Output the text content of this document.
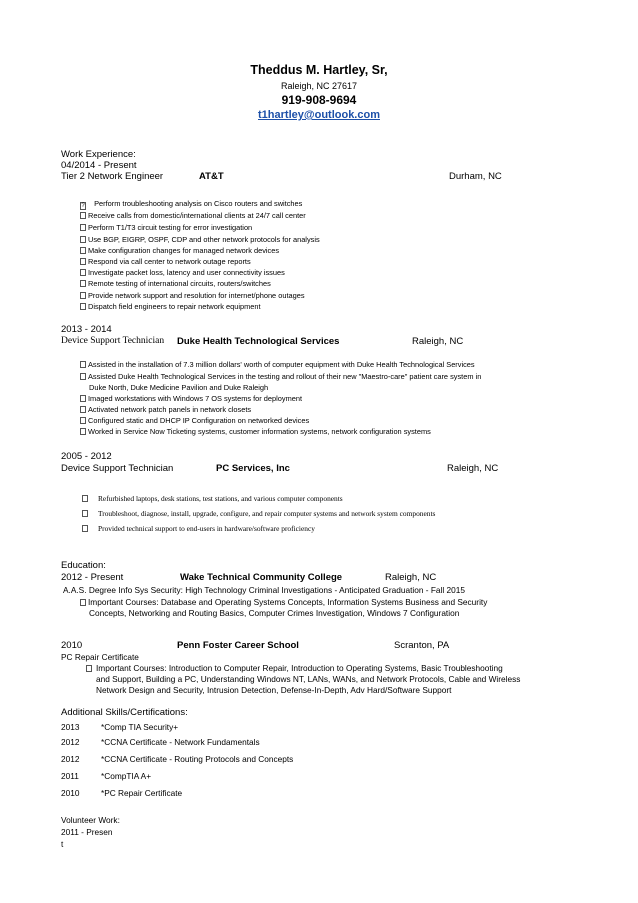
Theddus M. Hartley, Sr,
Raleigh, NC 27617
919-908-9694
t1hartley@outlook.com
Work Experience:
04/2014 - Present
Tier 2 Network Engineer	AT&T	Durham, NC
? Perform troubleshooting analysis on Cisco routers and switches
Receive calls from domestic/international clients at 24/7 call center
Perform T1/T3 circuit testing for error investigation
Use BGP, EIGRP, OSPF, CDP and other network protocols for analysis
Make configuration changes for managed network devices
Respond via call center to network outage reports
Investigate packet loss, latency and user connectivity issues
Remote testing of international circuits, routers/switches
Provide network support and resolution for internet/phone outages
Dispatch field engineers to repair network equipment
2013 - 2014
Device Support Technician Duke Health Technological Services	Raleigh, NC
Assisted in the installation of 7.3 million dollars' worth of computer equipment with Duke Health Technological Services
Assisted Duke Health Technological Services in the testing and rollout of their new "Maestro-care" patient care system in
Duke North, Duke Medicine Pavilion and Duke Raleigh
Imaged workstations with Windows 7 OS systems for deployment
Activated network patch panels in network closets
Configured static and DHCP IP Configuration on networked devices
Worked in Service Now Ticketing systems, customer information systems, network configuration systems
2005 - 2012
Device Support Technician	PC Services, Inc	Raleigh, NC
Refurbished laptops, desk stations, test stations, and various computer components
Troubleshoot, diagnose, install, upgrade, configure, and repair computer systems and network system components
Provided technical support to end-users in hardware/software proficiency
Education:
2012 - Present	Wake Technical Community College	Raleigh, NC
A.A.S. Degree Info Sys Security: High Technology Criminal Investigations - Anticipated Graduation - Fall 2015
Important Courses: Database and Operating Systems Concepts, Information Systems Business and Security
Concepts, Networking and Routing Basics, Computer Crimes Investigation, Windows 7 Configuration
2010	Penn Foster Career School	Scranton, PA
PC Repair Certificate
Important Courses: Introduction to Computer Repair, Introduction to Operating Systems, Basic Troubleshooting
and Support, Building a PC, Understanding Windows NT, LANs, WANs, and Network Protocols, Cable and Wireless
Network Design and Security, Intrusion Detection, Defense-In-Depth, Adv Hard/Software Support
Additional Skills/Certifications:
2013	*Comp TIA Security+
2012	*CCNA Certificate - Network Fundamentals
2012	*CCNA Certificate - Routing Protocols and Concepts
2011	*CompTIA A+
2010	*PC Repair Certificate
Volunteer Work:
2011 - Presen
t
